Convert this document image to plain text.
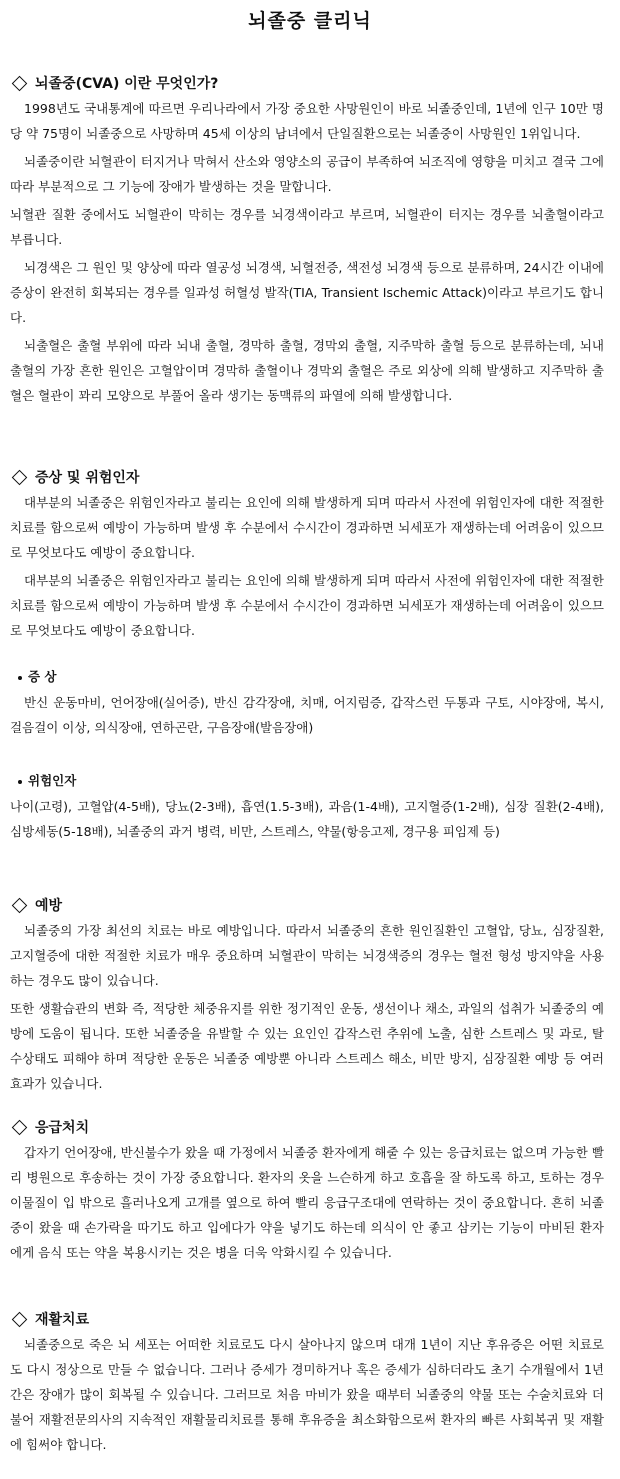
뇌졸중 클리닉
뇌졸중(CVA) 이란 무엇인가?

1998년도 국내통계에 따르면 우리나라에서 가장 중요한 사망원인이 바로 뇌졸중인데, 1년에 인구 10만 명당 약 75명이 뇌졸중으로 사망하며 45세 이상의 남녀에서 단일질환으로는 뇌졸중이 사망원인 1위입니다.

뇌졸중이란 뇌혈관이 터지거나 막혀서 산소와 영양소의 공급이 부족하여 뇌조직에 영향을 미치고 결국 그에 따라 부분적으로 그 기능에 장애가 발생하는 것을 말합니다.

뇌혈관 질환 중에서도 뇌혈관이 막히는 경우를 뇌경색이라고 부르며, 뇌혈관이 터지는 경우를 뇌출혈이라고 부릅니다.

뇌경색은 그 원인 및 양상에 따라 열공성 뇌경색, 뇌혈전증, 색전성 뇌경색 등으로 분류하며, 24시간 이내에 증상이 완전히 회복되는 경우를 일과성 허혈성 발작(TIA, Transient Ischemic Attack)이라고 부르기도 합니다.

뇌출혈은 출혈 부위에 따라 뇌내 출혈, 경막하 출혈, 경막외 출혈, 지주막하 출혈 등으로 분류하는데, 뇌내 출혈의 가장 흔한 원인은 고혈압이며 경막하 출혈이나 경막외 출혈은 주로 외상에 의해 발생하고 지주막하 출혈은 혈관이 꽈리 모양으로 부풀어 올라 생기는 동맥류의 파열에 의해 발생합니다.

증상 및 위험인자

대부분의 뇌졸중은 위험인자라고 불리는 요인에 의해 발생하게 되며 따라서 사전에 위험인자에 대한 적절한 치료를 함으로써 예방이 가능하며 발생 후 수분에서 수시간이 경과하면 뇌세포가 재생하는데 어려움이 있으므로 무엇보다도 예방이 중요합니다.

대부분의 뇌졸중은 위험인자라고 불리는 요인에 의해 발생하게 되며 따라서 사전에 위험인자에 대한 적절한 치료를 함으로써 예방이 가능하며 발생 후 수분에서 수시간이 경과하면 뇌세포가 재생하는데 어려움이 있으므로 무엇보다도 예방이 중요합니다.

증 상

반신 운동마비, 언어장애(실어증), 반신 감각장애, 치매, 어지럼증, 갑작스런 두통과 구토, 시야장애, 복시, 걸음걸이 이상, 의식장애, 연하곤란, 구음장애(발음장애)

위험인자

나이(고령), 고혈압(4-5배), 당뇨(2-3배), 흡연(1.5-3배), 과음(1-4배), 고지혈증(1-2배), 심장 질환(2-4배), 심방세동(5-18배), 뇌졸중의 과거 병력, 비만, 스트레스, 약물(항응고제, 경구용 피임제 등)

예방

뇌졸중의 가장 최선의 치료는 바로 예방입니다. 따라서 뇌졸중의 흔한 원인질환인 고혈압, 당뇨, 심장질환, 고지혈증에 대한 적절한 치료가 매우 중요하며 뇌혈관이 막히는 뇌경색증의 경우는 혈전 형성 방지약을 사용하는 경우도 많이 있습니다.

또한 생활습관의 변화 즉, 적당한 체중유지를 위한 정기적인 운동, 생선이나 채소, 과일의 섭취가 뇌졸중의 예방에 도움이 됩니다. 또한 뇌졸중을 유발할 수 있는 요인인 갑작스런 추위에 노출, 심한 스트레스 및 과로, 탈수상태도 피해야 하며 적당한 운동은 뇌졸중 예방뿐 아니라 스트레스 해소, 비만 방지, 심장질환 예방 등 여러 효과가 있습니다.

응급처치

갑자기 언어장애, 반신불수가 왔을 때 가정에서 뇌졸중 환자에게 해줄 수 있는 응급치료는 없으며 가능한 빨리 병원으로 후송하는 것이 가장 중요합니다. 환자의 옷을 느슨하게 하고 호흡을 잘 하도록 하고, 토하는 경우 이물질이 입 밖으로 흘러나오게 고개를 옆으로 하여 빨리 응급구조대에 연락하는 것이 중요합니다. 흔히 뇌졸중이 왔을 때 손가락을 따기도 하고 입에다가 약을 넣기도 하는데 의식이 안 좋고 삼키는 기능이 마비된 환자에게 음식 또는 약을 복용시키는 것은 병을 더욱 악화시킬 수 있습니다.

재활치료

뇌졸중으로 죽은 뇌 세포는 어떠한 치료로도 다시 살아나지 않으며 대개 1년이 지난 후유증은 어떤 치료로도 다시 정상으로 만들 수 없습니다. 그러나 증세가 경미하거나 혹은 증세가 심하더라도 초기 수개월에서 1년간은 장애가 많이 회복될 수 있습니다. 그러므로 처음 마비가 왔을 때부터 뇌졸중의 약물 또는 수술치료와 더불어 재활전문의사의 지속적인 재활물리치료를 통해 후유증을 최소화함으로써 환자의 빠른 사회복귀 및 재활에 힘써야 합니다.
